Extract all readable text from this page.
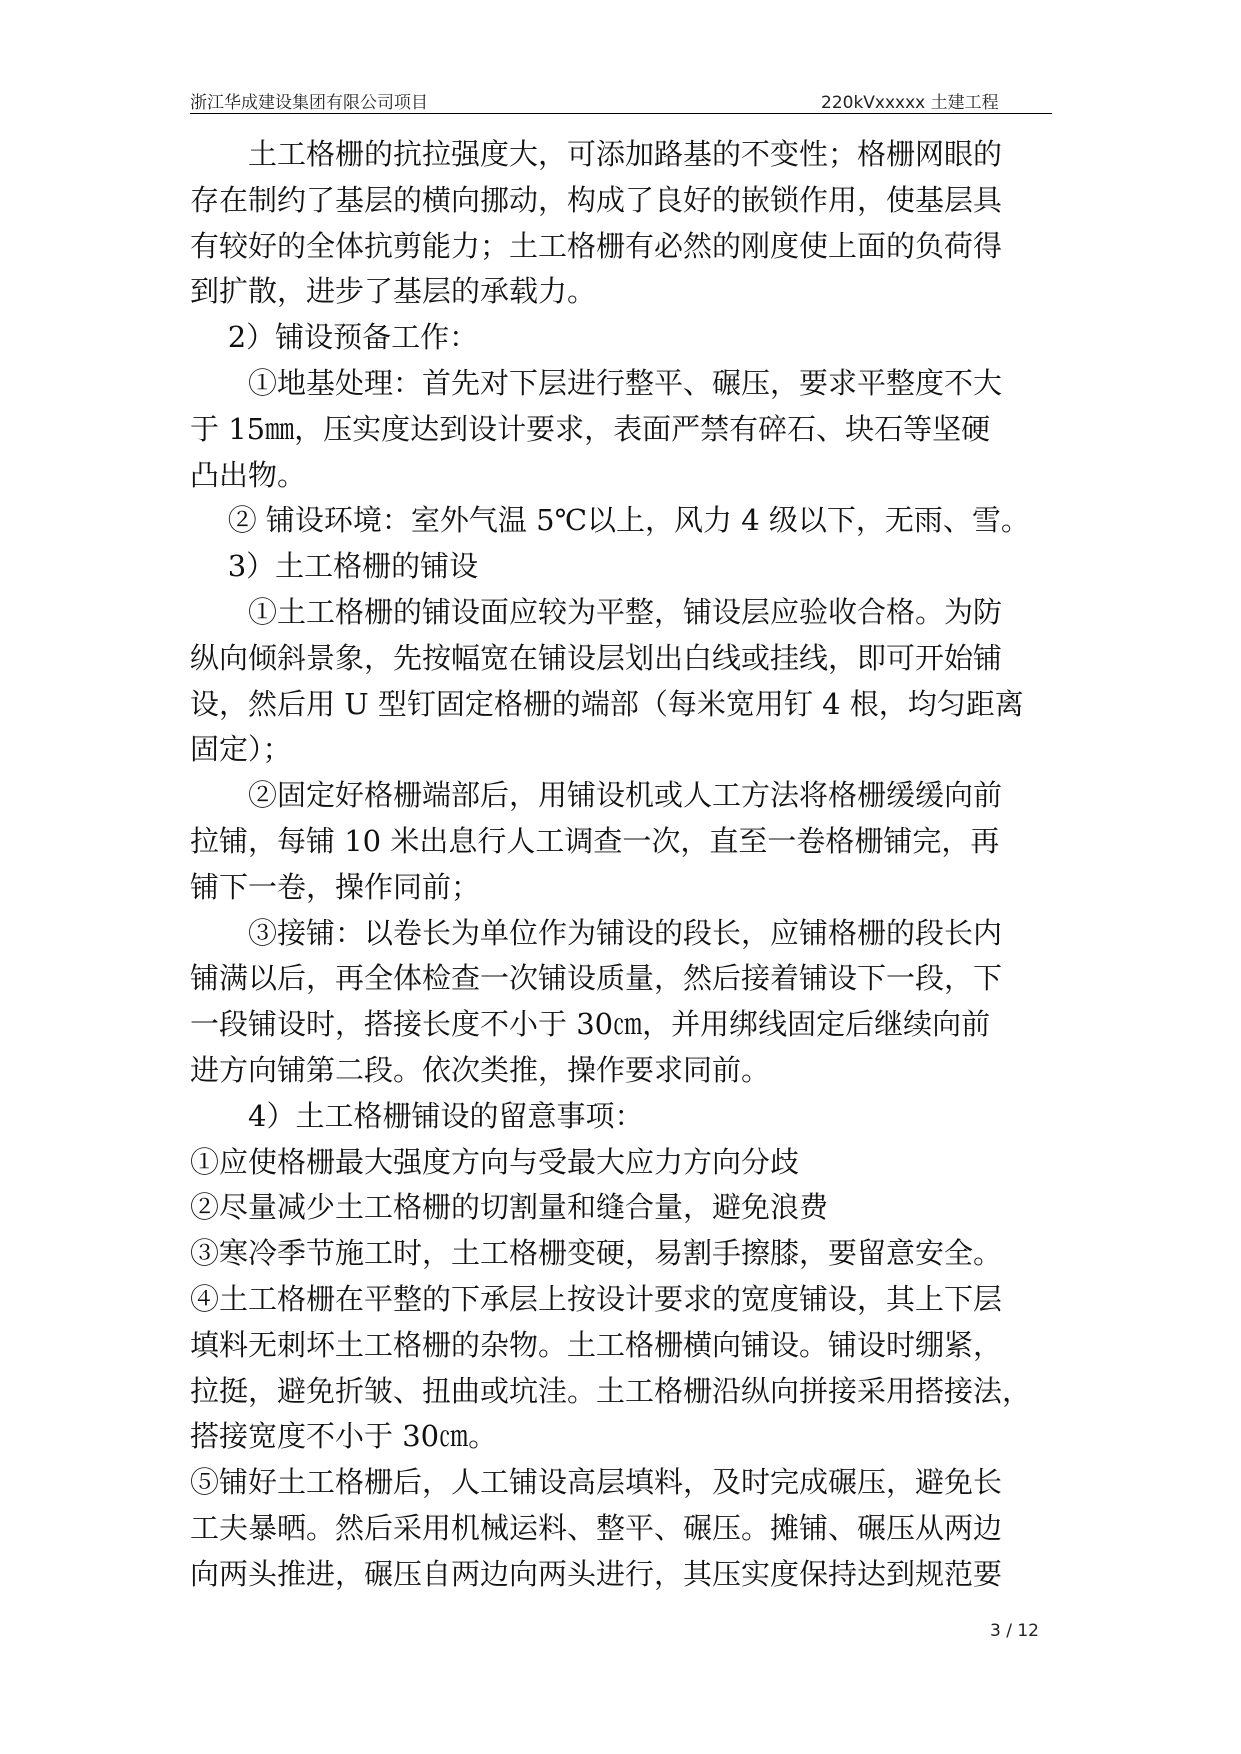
浙江华成建设集团有限公司项目	220kVxxxxx 土建工程
土工格栅的抗拉强度大，可添加路基的不变性；格栅网眼的
存在制约了基层的横向挪动，构成了良好的嵌锁作用，使基层具
有较好的全体抗剪能力；土工格栅有必然的刚度使上面的负荷得
到扩散，进步了基层的承载力。
2）铺设预备工作：
①地基处理：首先对下层进行整平、碾压，要求平整度不大
于 15㎜，压实度达到设计要求，表面严禁有碎石、块石等坚硬
凸出物。
② 铺设环境：室外气温 5℃以上，风力 4 级以下，无雨、雪。
3）土工格栅的铺设
①土工格栅的铺设面应较为平整，铺设层应验收合格。为防
纵向倾斜景象，先按幅宽在铺设层划出白线或挂线，即可开始铺
设，然后用 U 型钉固定格栅的端部（每米宽用钉 4 根，均匀距离
固定）；
②固定好格栅端部后，用铺设机或人工方法将格栅缓缓向前
拉铺，每铺 10 米出息行人工调查一次，直至一卷格栅铺完，再
铺下一卷，操作同前；
③接铺：以卷长为单位作为铺设的段长，应铺格栅的段长内
铺满以后，再全体检查一次铺设质量，然后接着铺设下一段，下
一段铺设时，搭接长度不小于 30㎝，并用绑线固定后继续向前
进方向铺第二段。依次类推，操作要求同前。
4）土工格栅铺设的留意事项：
①应使格栅最大强度方向与受最大应力方向分歧
②尽量减少土工格栅的切割量和缝合量，避免浪费
③寒冷季节施工时，土工格栅变硬，易割手擦膝，要留意安全。
④土工格栅在平整的下承层上按设计要求的宽度铺设，其上下层
填料无刺坏土工格栅的杂物。土工格栅横向铺设。铺设时绷紧，
拉挺，避免折皱、扭曲或坑洼。土工格栅沿纵向拼接采用搭接法，
搭接宽度不小于 30㎝。
⑤铺好土工格栅后，人工铺设高层填料，及时完成碾压，避免长
工夫暴晒。然后采用机械运料、整平、碾压。摊铺、碾压从两边
向两头推进，碾压自两边向两头进行，其压实度保持达到规范要
3 / 12
